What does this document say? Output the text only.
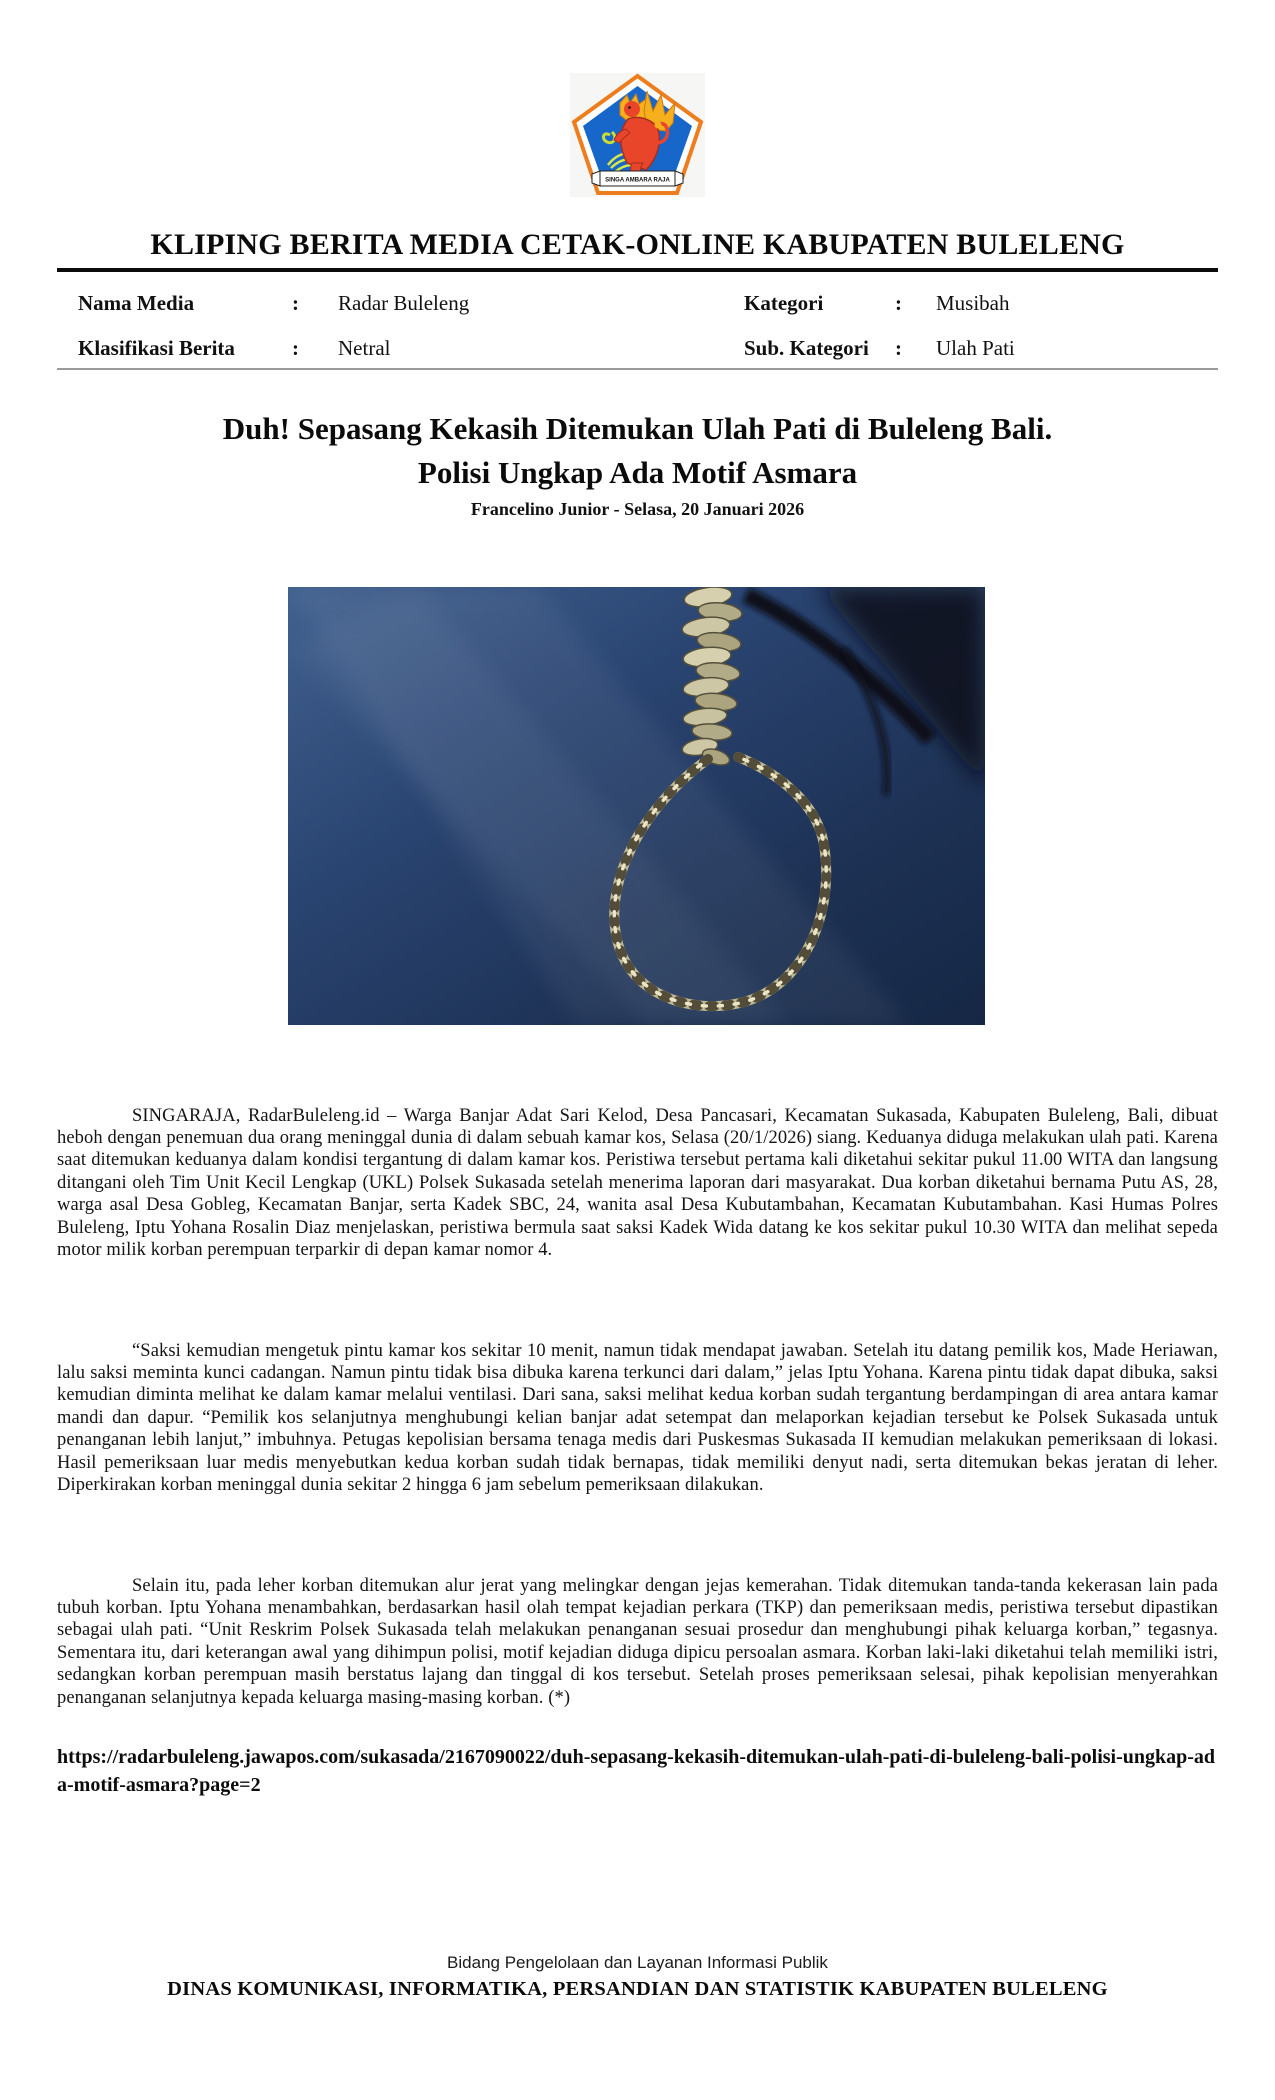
SINGA AMBARA RAJA
KLIPING BERITA MEDIA CETAK-ONLINE KABUPATEN BULELENG
Nama Media	:	Radar Buleleng	Kategori	:	Musibah
Klasifikasi Berita	:	Netral	Sub. Kategori	:	Ulah Pati
Duh! Sepasang Kekasih Ditemukan Ulah Pati di Buleleng Bali.
Polisi Ungkap Ada Motif Asmara
Francelino Junior - Selasa, 20 Januari 2026

SINGARAJA, RadarBuleleng.id – Warga Banjar Adat Sari Kelod, Desa Pancasari, Kecamatan Sukasada, Kabupaten Buleleng, Bali, dibuat heboh dengan penemuan dua orang meninggal dunia di dalam sebuah kamar kos, Selasa (20/1/2026) siang. Keduanya diduga melakukan ulah pati. Karena saat ditemukan keduanya dalam kondisi tergantung di dalam kamar kos. Peristiwa tersebut pertama kali diketahui sekitar pukul 11.00 WITA dan langsung ditangani oleh Tim Unit Kecil Lengkap (UKL) Polsek Sukasada setelah menerima laporan dari masyarakat. Dua korban diketahui bernama Putu AS, 28, warga asal Desa Gobleg, Kecamatan Banjar, serta Kadek SBC, 24, wanita asal Desa Kubutambahan, Kecamatan Kubutambahan. Kasi Humas Polres Buleleng, Iptu Yohana Rosalin Diaz menjelaskan, peristiwa bermula saat saksi Kadek Wida datang ke kos sekitar pukul 10.30 WITA dan melihat sepeda motor milik korban perempuan terparkir di depan kamar nomor 4.

“Saksi kemudian mengetuk pintu kamar kos sekitar 10 menit, namun tidak mendapat jawaban. Setelah itu datang pemilik kos, Made Heriawan, lalu saksi meminta kunci cadangan. Namun pintu tidak bisa dibuka karena terkunci dari dalam,” jelas Iptu Yohana. Karena pintu tidak dapat dibuka, saksi kemudian diminta melihat ke dalam kamar melalui ventilasi. Dari sana, saksi melihat kedua korban sudah tergantung berdampingan di area antara kamar mandi dan dapur. “Pemilik kos selanjutnya menghubungi kelian banjar adat setempat dan melaporkan kejadian tersebut ke Polsek Sukasada untuk penanganan lebih lanjut,” imbuhnya. Petugas kepolisian bersama tenaga medis dari Puskesmas Sukasada II kemudian melakukan pemeriksaan di lokasi. Hasil pemeriksaan luar medis menyebutkan kedua korban sudah tidak bernapas, tidak memiliki denyut nadi, serta ditemukan bekas jeratan di leher. Diperkirakan korban meninggal dunia sekitar 2 hingga 6 jam sebelum pemeriksaan dilakukan.

Selain itu, pada leher korban ditemukan alur jerat yang melingkar dengan jejas kemerahan. Tidak ditemukan tanda-tanda kekerasan lain pada tubuh korban. Iptu Yohana menambahkan, berdasarkan hasil olah tempat kejadian perkara (TKP) dan pemeriksaan medis, peristiwa tersebut dipastikan sebagai ulah pati. “Unit Reskrim Polsek Sukasada telah melakukan penanganan sesuai prosedur dan menghubungi pihak keluarga korban,” tegasnya. Sementara itu, dari keterangan awal yang dihimpun polisi, motif kejadian diduga dipicu persoalan asmara. Korban laki-laki diketahui telah memiliki istri, sedangkan korban perempuan masih berstatus lajang dan tinggal di kos tersebut. Setelah proses pemeriksaan selesai, pihak kepolisian menyerahkan penanganan selanjutnya kepada keluarga masing-masing korban. (*)

https://radarbuleleng.jawapos.com/sukasada/2167090022/duh-sepasang-kekasih-ditemukan-ulah-pati-di-buleleng-bali-polisi-ungkap-ada-motif-asmara?page=2
Bidang Pengelolaan dan Layanan Informasi Publik
DINAS KOMUNIKASI, INFORMATIKA, PERSANDIAN DAN STATISTIK KABUPATEN BULELENG
